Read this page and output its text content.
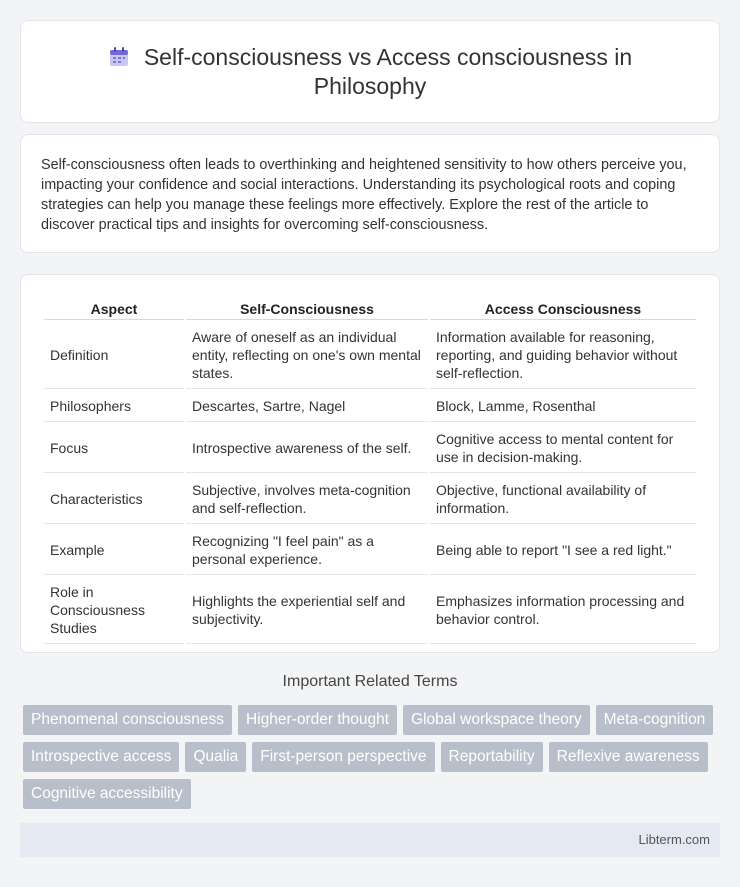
Self-consciousness vs Access consciousness in Philosophy

Self-consciousness often leads to overthinking and heightened sensitivity to how others perceive you, impacting your confidence and social interactions. Understanding its psychological roots and coping strategies can help you manage these feelings more effectively. Explore the rest of the article to discover practical tips and insights for overcoming self-consciousness.

Aspect	Self-Consciousness	Access Consciousness
Definition	Aware of oneself as an individual entity, reflecting on one's own mental states.	Information available for reasoning, reporting, and guiding behavior without self-reflection.
Philosophers	Descartes, Sartre, Nagel	Block, Lamme, Rosenthal
Focus	Introspective awareness of the self.	Cognitive access to mental content for use in decision-making.
Characteristics	Subjective, involves meta-cognition and self-reflection.	Objective, functional availability of information.
Example	Recognizing "I feel pain" as a personal experience.	Being able to report "I see a red light."
Role in Consciousness Studies	Highlights the experiential self and subjectivity.	Emphasizes information processing and behavior control.
Important Related Terms
Phenomenal consciousness	Higher-order thought	Global workspace theory	Meta-cognition
Introspective access	Qualia	First-person perspective	Reportability	Reflexive awareness
Cognitive accessibility
Libterm.com
